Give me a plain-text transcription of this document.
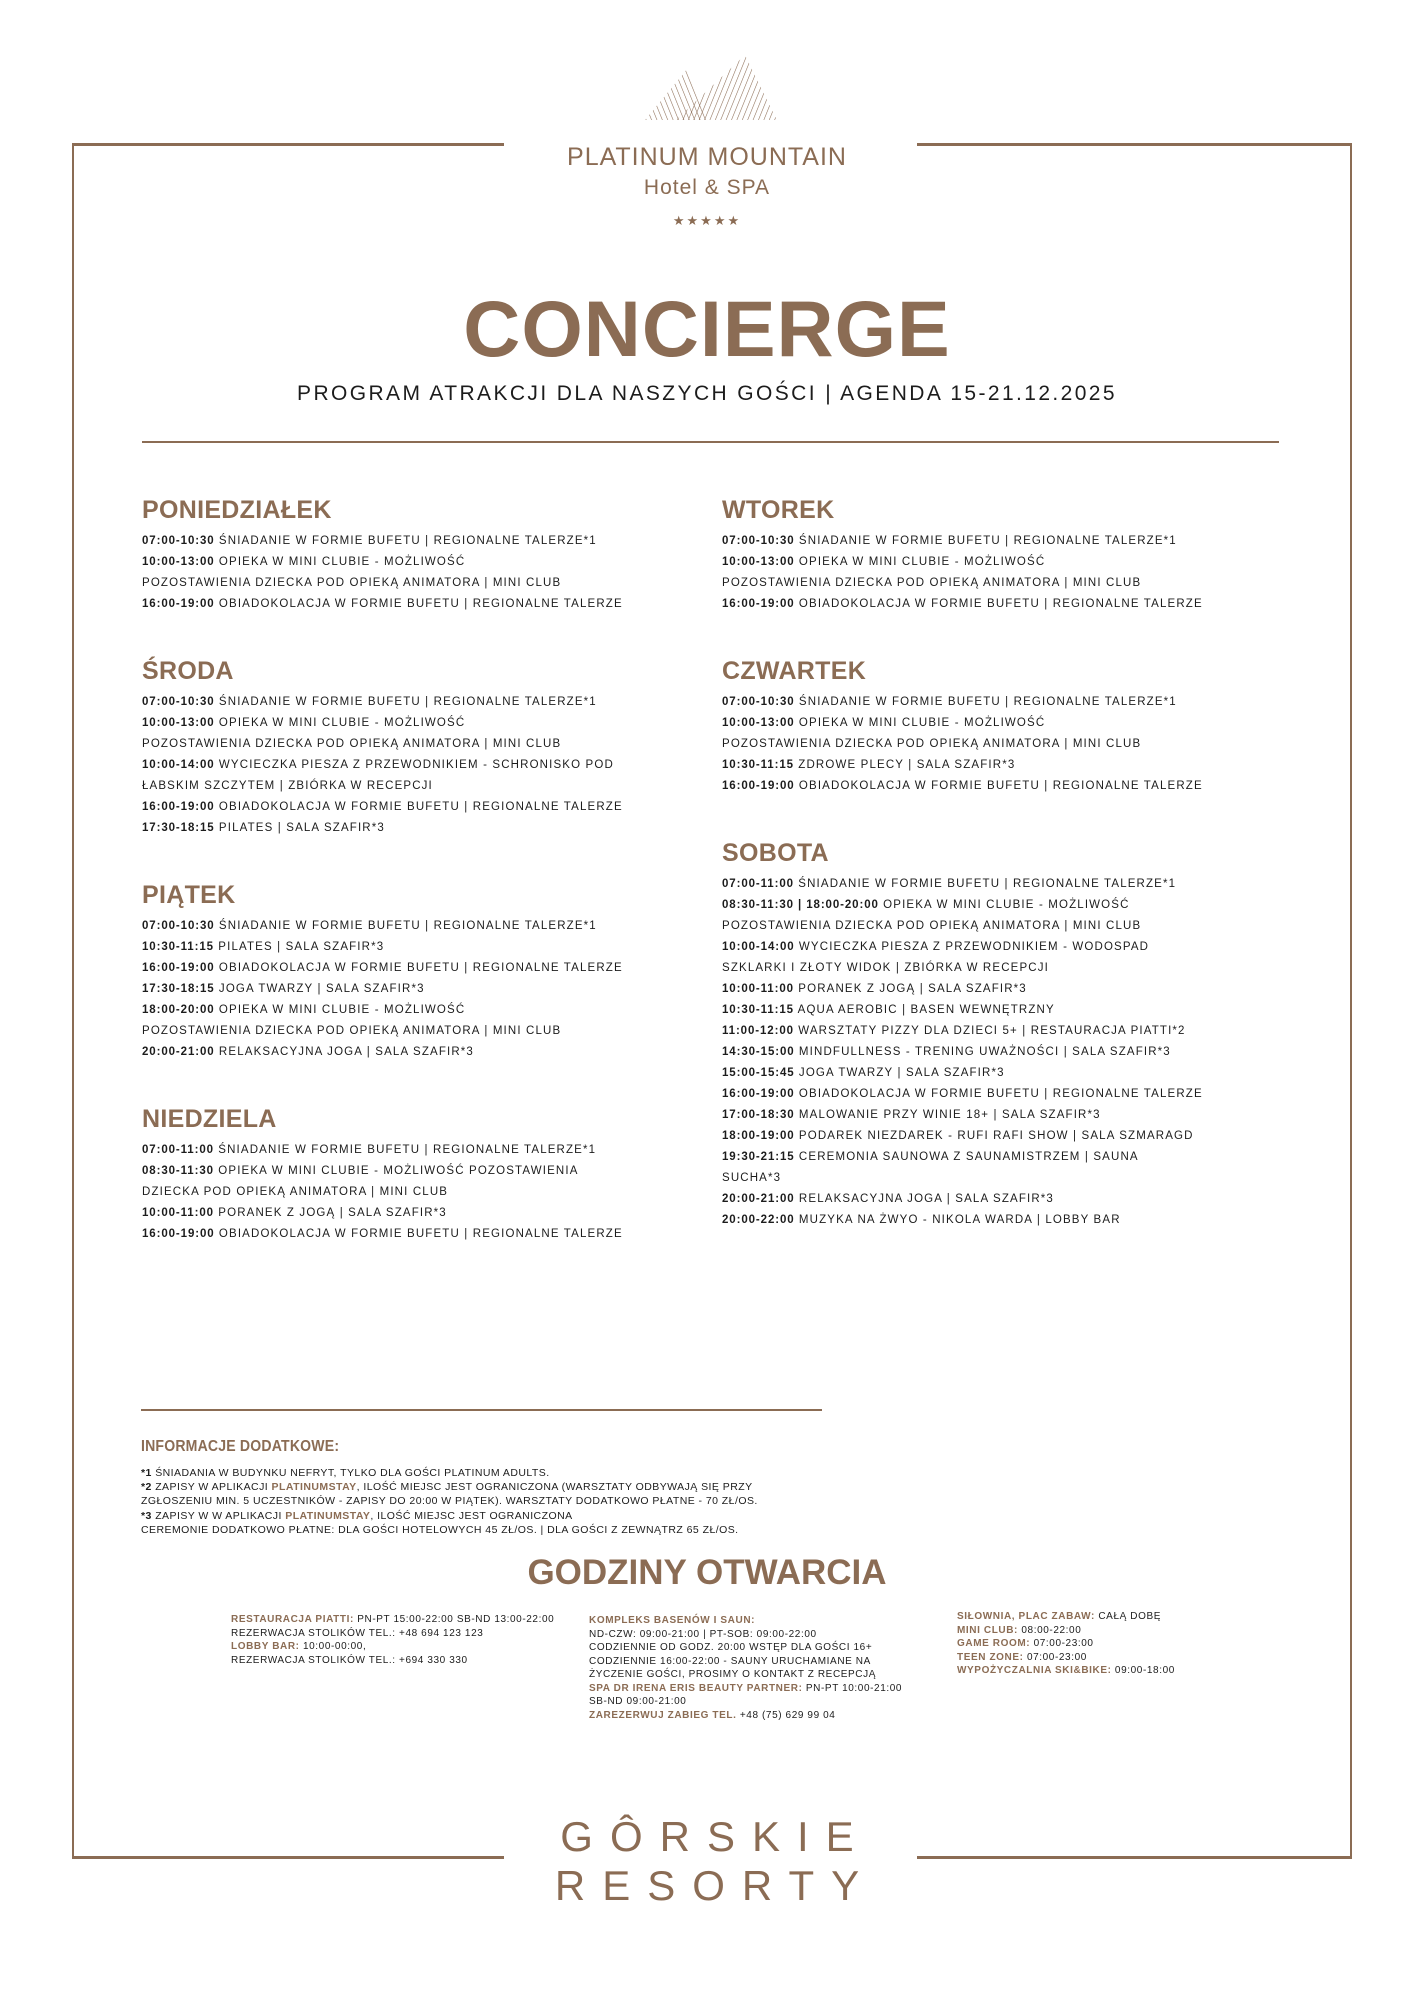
PLATINUM MOUNTAIN
Hotel & SPA
★★★★★
CONCIERGE
PROGRAM ATRAKCJI DLA NASZYCH GOŚCI | AGENDA 15-21.12.2025
PONIEDZIAŁEK
07:00-10:30 ŚNIADANIE W FORMIE BUFETU | REGIONALNE TALERZE*1
10:00-13:00 OPIEKA W MINI CLUBIE - MOŻLIWOŚĆ
POZOSTAWIENIA DZIECKA POD OPIEKĄ ANIMATORA | MINI CLUB
16:00-19:00 OBIADOKOLACJA W FORMIE BUFETU | REGIONALNE TALERZE
ŚRODA
07:00-10:30 ŚNIADANIE W FORMIE BUFETU | REGIONALNE TALERZE*1
10:00-13:00 OPIEKA W MINI CLUBIE - MOŻLIWOŚĆ
POZOSTAWIENIA DZIECKA POD OPIEKĄ ANIMATORA | MINI CLUB
10:00-14:00 WYCIECZKA PIESZA Z PRZEWODNIKIEM - SCHRONISKO POD
ŁABSKIM SZCZYTEM | ZBIÓRKA W RECEPCJI
16:00-19:00 OBIADOKOLACJA W FORMIE BUFETU | REGIONALNE TALERZE
17:30-18:15 PILATES | SALA SZAFIR*3
PIĄTEK
07:00-10:30 ŚNIADANIE W FORMIE BUFETU | REGIONALNE TALERZE*1
10:30-11:15 PILATES | SALA SZAFIR*3
16:00-19:00 OBIADOKOLACJA W FORMIE BUFETU | REGIONALNE TALERZE
17:30-18:15 JOGA TWARZY | SALA SZAFIR*3
18:00-20:00 OPIEKA W MINI CLUBIE - MOŻLIWOŚĆ
POZOSTAWIENIA DZIECKA POD OPIEKĄ ANIMATORA | MINI CLUB
20:00-21:00 RELAKSACYJNA JOGA | SALA SZAFIR*3
NIEDZIELA
07:00-11:00 ŚNIADANIE W FORMIE BUFETU | REGIONALNE TALERZE*1
08:30-11:30 OPIEKA W MINI CLUBIE - MOŻLIWOŚĆ POZOSTAWIENIA
DZIECKA POD OPIEKĄ ANIMATORA | MINI CLUB
10:00-11:00 PORANEK Z JOGĄ | SALA SZAFIR*3
16:00-19:00 OBIADOKOLACJA W FORMIE BUFETU | REGIONALNE TALERZE
WTOREK
07:00-10:30 ŚNIADANIE W FORMIE BUFETU | REGIONALNE TALERZE*1
10:00-13:00 OPIEKA W MINI CLUBIE - MOŻLIWOŚĆ
POZOSTAWIENIA DZIECKA POD OPIEKĄ ANIMATORA | MINI CLUB
16:00-19:00 OBIADOKOLACJA W FORMIE BUFETU | REGIONALNE TALERZE
CZWARTEK
07:00-10:30 ŚNIADANIE W FORMIE BUFETU | REGIONALNE TALERZE*1
10:00-13:00 OPIEKA W MINI CLUBIE - MOŻLIWOŚĆ
POZOSTAWIENIA DZIECKA POD OPIEKĄ ANIMATORA | MINI CLUB
10:30-11:15 ZDROWE PLECY | SALA SZAFIR*3
16:00-19:00 OBIADOKOLACJA W FORMIE BUFETU | REGIONALNE TALERZE
SOBOTA
07:00-11:00 ŚNIADANIE W FORMIE BUFETU | REGIONALNE TALERZE*1
08:30-11:30 | 18:00-20:00 OPIEKA W MINI CLUBIE - MOŻLIWOŚĆ
POZOSTAWIENIA DZIECKA POD OPIEKĄ ANIMATORA | MINI CLUB
10:00-14:00 WYCIECZKA PIESZA Z PRZEWODNIKIEM - WODOSPAD
SZKLARKI I ZŁOTY WIDOK | ZBIÓRKA W RECEPCJI
10:00-11:00 PORANEK Z JOGĄ | SALA SZAFIR*3
10:30-11:15 AQUA AEROBIC | BASEN WEWNĘTRZNY
11:00-12:00 WARSZTATY PIZZY DLA DZIECI 5+ | RESTAURACJA PIATTI*2
14:30-15:00 MINDFULLNESS - TRENING UWAŻNOŚCI | SALA SZAFIR*3
15:00-15:45 JOGA TWARZY | SALA SZAFIR*3
16:00-19:00 OBIADOKOLACJA W FORMIE BUFETU | REGIONALNE TALERZE
17:00-18:30 MALOWANIE PRZY WINIE 18+ | SALA SZAFIR*3
18:00-19:00 PODAREK NIEZDAREK - RUFI RAFI SHOW | SALA SZMARAGD
19:30-21:15 CEREMONIA SAUNOWA Z SAUNAMISTRZEM | SAUNA
SUCHA*3
20:00-21:00 RELAKSACYJNA JOGA | SALA SZAFIR*3
20:00-22:00 MUZYKA NA ŻWYO - NIKOLA WARDA | LOBBY BAR
INFORMACJE DODATKOWE:
*1 ŚNIADANIA W BUDYNKU NEFRYT, TYLKO DLA GOŚCI PLATINUM ADULTS.
*2 ZAPISY W APLIKACJI PLATINUMSTAY, ILOŚĆ MIEJSC JEST OGRANICZONA (WARSZTATY ODBYWAJĄ SIĘ PRZY
ZGŁOSZENIU MIN. 5 UCZESTNIKÓW - ZAPISY DO 20:00 W PIĄTEK). WARSZTATY DODATKOWO PŁATNE - 70 ZŁ/OS.
*3 ZAPISY W W APLIKACJI PLATINUMSTAY, ILOŚĆ MIEJSC JEST OGRANICZONA
CEREMONIE DODATKOWO PŁATNE: DLA GOŚCI HOTELOWYCH 45 ZŁ/OS. | DLA GOŚCI Z ZEWNĄTRZ 65 ZŁ/OS.
GODZINY OTWARCIA
RESTAURACJA PIATTI: PN-PT 15:00-22:00 SB-ND 13:00-22:00
REZERWACJA STOLIKÓW TEL.: +48 694 123 123
LOBBY BAR: 10:00-00:00,
REZERWACJA STOLIKÓW TEL.: +694 330 330
KOMPLEKS BASENÓW I SAUN:
ND-CZW: 09:00-21:00 | PT-SOB: 09:00-22:00
CODZIENNIE OD GODZ. 20:00 WSTĘP DLA GOŚCI 16+
CODZIENNIE 16:00-22:00 - SAUNY URUCHAMIANE NA
ŻYCZENIE GOŚCI, PROSIMY O KONTAKT Z RECEPCJĄ
SPA DR IRENA ERIS BEAUTY PARTNER: PN-PT 10:00-21:00
SB-ND 09:00-21:00
ZAREZERWUJ ZABIEG TEL. +48 (75) 629 99 04
SIŁOWNIA, PLAC ZABAW: CAŁĄ DOBĘ
MINI CLUB: 08:00-22:00
GAME ROOM: 07:00-23:00
TEEN ZONE: 07:00-23:00
WYPOŻYCZALNIA SKI&BIKE: 09:00-18:00
GÔRSKIE
RESORTY
